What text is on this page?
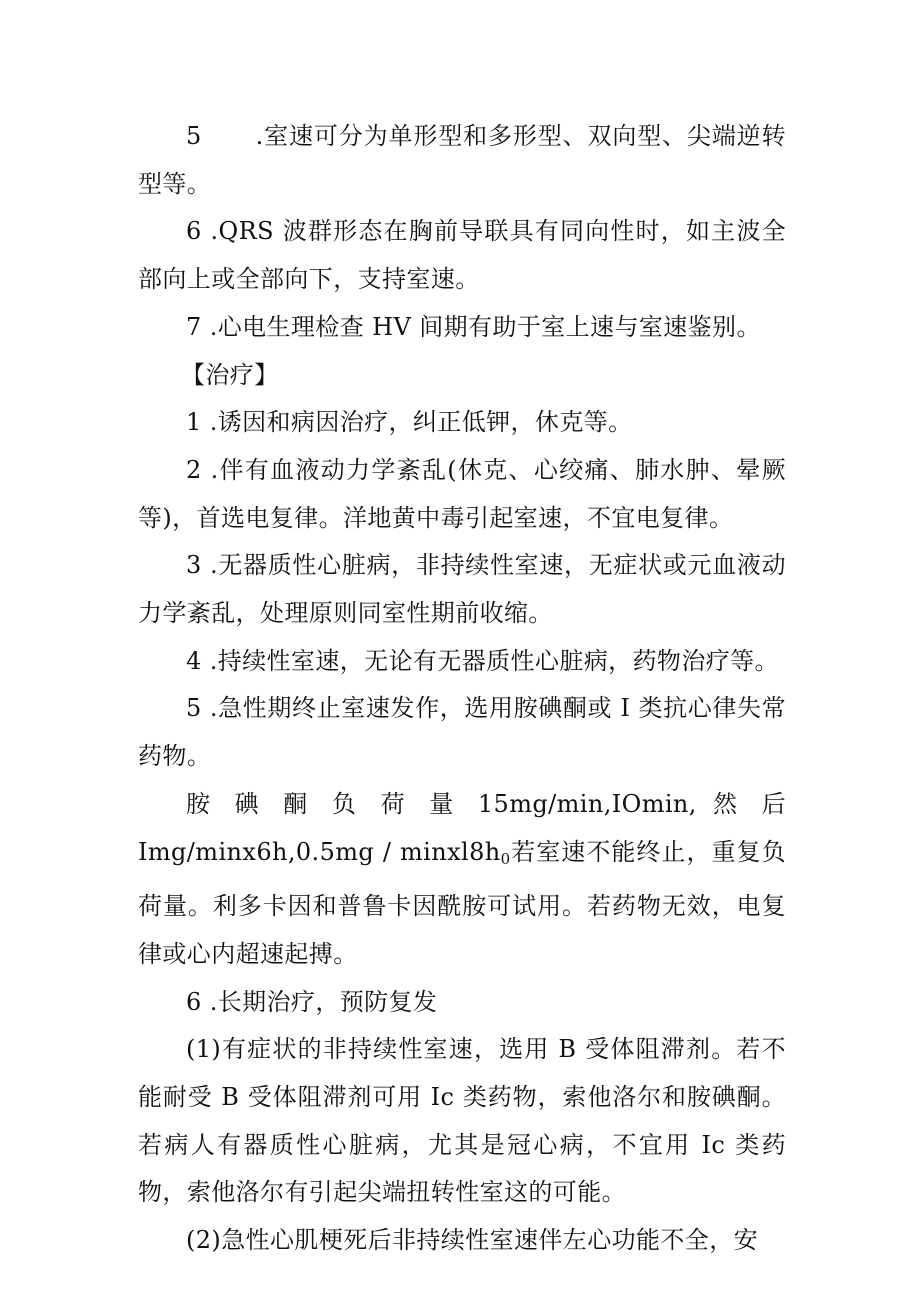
5 .室速可分为单形型和多形型、双向型、尖端逆转型等。

6 .QRS 波群形态在胸前导联具有同向性时，如主波全部向上或全部向下，支持室速。

7 .心电生理检查 HV 间期有助于室上速与室速鉴别。

【治疗】

1 .诱因和病因治疗，纠正低钾，休克等。

2 .伴有血液动力学紊乱(休克、心绞痛、肺水肿、晕厥等)，首选电复律。洋地黄中毒引起室速，不宜电复律。

3 .无器质性心脏病，非持续性室速，无症状或元血液动力学紊乱，处理原则同室性期前收缩。

4 .持续性室速，无论有无器质性心脏病，药物治疗等。

5 .急性期终止室速发作，选用胺碘酮或 I 类抗心律失常药物。

胺 碘 酮 负 荷 量 15mg/min,IOmin, 然 后

$Img/\min x6h,0.5mg / minxl8h_0$若室速不能终止，重复负荷量。利多卡因和普鲁卡因酰胺可试用。若药物无效，电复律或心内超速起搏。

6 .长期治疗，预防复发

(1)有症状的非持续性室速，选用 B 受体阻滞剂。若不能耐受 B 受体阻滞剂可用 Ic 类药物，索他洛尔和胺碘酮。若病人有器质性心脏病，尤其是冠心病，不宜用 Ic 类药物，索他洛尔有引起尖端扭转性室这的可能。

(2)急性心肌梗死后非持续性室速伴左心功能不全，安
